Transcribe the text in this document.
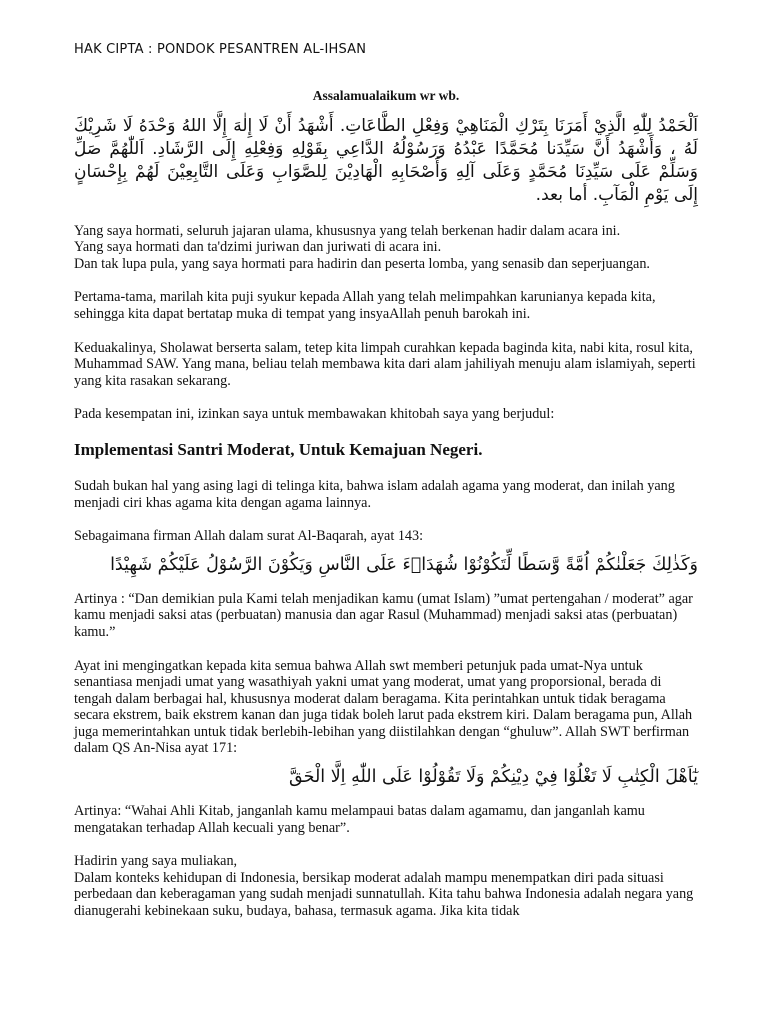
HAK CIPTA : PONDOK PESANTREN AL-IHSAN
Assalamualaikum wr wb.

اَلْحَمْدُ لِلّٰهِ الَّذِيْ أَمَرَنَا بِتَرْكِ الْمَنَاهِيْ وَفِعْلِ الطَّاعَاتِ. أَشْهَدُ أَنْ لَا إِلٰهَ إِلَّا اللهُ وَحْدَهُ لَا شَرِيْكَ لَهُ ، وَأَشْهَدُ أَنَّ سَيِّدَنا مُحَمَّدًا عَبْدُهُ وَرَسُوْلُهُ الدَّاعِي بِقَوْلِهِ وَفِعْلِهِ إِلَى الرَّشَادِ. اَللّٰهُمَّ صَلِّ وَسَلِّمْ عَلَى سَيِّدِنَا مُحَمَّدٍ وَعَلَى آلِهِ وَأَصْحَابِهِ الْهَادِيْنَ لِلصَّوَابِ وَعَلَى التَّابِعِيْنَ لَهُمْ بِإِحْسَانٍ إِلَى يَوْمِ الْمَآبِ. أما بعد.

Yang saya hormati, seluruh jajaran ulama, khususnya yang telah berkenan hadir dalam acara ini.

Yang saya hormati dan ta'dzimi juriwan dan juriwati di acara ini.

Dan tak lupa pula, yang saya hormati para hadirin dan peserta lomba, yang senasib dan seperjuangan.

Pertama-tama, marilah kita puji syukur kepada Allah yang telah melimpahkan karunianya kepada kita, sehingga kita dapat bertatap muka di tempat yang insyaAllah penuh barokah ini.

Keduakalinya, Sholawat berserta salam, tetep kita limpah curahkan kepada baginda kita, nabi kita, rosul kita, Muhammad SAW. Yang mana, beliau telah membawa kita dari alam jahiliyah menuju alam islamiyah, seperti yang kita rasakan sekarang.

Pada kesempatan ini, izinkan saya untuk membawakan khitobah saya yang berjudul:

Implementasi Santri Moderat, Untuk Kemajuan Negeri.

Sudah bukan hal yang asing lagi di telinga kita, bahwa islam adalah agama yang moderat, dan inilah yang menjadi ciri khas agama kita dengan agama lainnya.

Sebagaimana firman Allah dalam surat Al-Baqarah, ayat 143:

وَكَذٰلِكَ جَعَلْنٰكُمْ اُمَّةً وَّسَطًا لِّتَكُوْنُوْا شُهَدَاۤءَ عَلَى النَّاسِ وَيَكُوْنَ الرَّسُوْلُ عَلَيْكُمْ شَهِيْدًا

Artinya : “Dan demikian pula Kami telah menjadikan kamu (umat Islam) ”umat pertengahan / moderat” agar kamu menjadi saksi atas (perbuatan) manusia dan agar Rasul (Muhammad) menjadi saksi atas (perbuatan) kamu.”

Ayat ini mengingatkan kepada kita semua bahwa Allah swt memberi petunjuk pada umat-Nya untuk senantiasa menjadi umat yang wasathiyah yakni umat yang moderat, umat yang proporsional, berada di tengah dalam berbagai hal, khususnya moderat dalam beragama. Kita perintahkan untuk tidak beragama secara ekstrem, baik ekstrem kanan dan juga tidak boleh larut pada ekstrem kiri. Dalam beragama pun, Allah juga memerintahkan untuk tidak berlebih-lebihan yang diistilahkan dengan “ghuluw”. Allah SWT berfirman dalam QS An-Nisa ayat 171:

يٰٓاَهْلَ الْكِتٰبِ لَا تَغْلُوْا فِيْ دِيْنِكُمْ وَلَا تَقُوْلُوْا عَلَى اللّٰهِ اِلَّا الْحَقَّ

Artinya: “Wahai Ahli Kitab, janganlah kamu melampaui batas dalam agamamu, dan janganlah kamu mengatakan terhadap Allah kecuali yang benar”.

Hadirin yang saya muliakan,

Dalam konteks kehidupan di Indonesia, bersikap moderat adalah mampu menempatkan diri pada situasi perbedaan dan keberagaman yang sudah menjadi sunnatullah. Kita tahu bahwa Indonesia adalah negara yang dianugerahi kebinekaan suku, budaya, bahasa, termasuk agama. Jika kita tidak
